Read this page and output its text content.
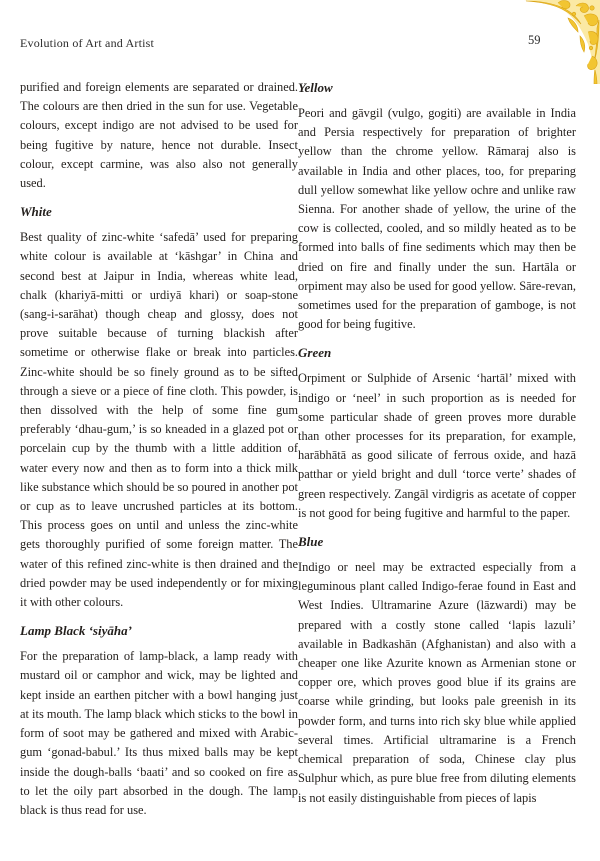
Evolution of Art and Artist	59

purified and foreign elements are separated or drained. The colours are then dried in the sun for use. Vegetable colours, except indigo are not advised to be used for being fugitive by nature, hence not durable. Insect colour, except carmine, was also also not generally used.

White

Best quality of zinc-white ‘safedā’ used for preparing white colour is available at ‘kāshgar’ in China and second best at Jaipur in India, whereas white lead, chalk (khariyā-mitti or urdiyā khari) or soap-stone (sang-i-sarāhat) though cheap and glossy, does not prove suitable because of turning blackish after sometime or otherwise flake or break into particles. Zinc-white should be so finely ground as to be sifted through a sieve or a piece of fine cloth. This powder, is then dissolved with the help of some fine gum preferably ‘dhau-gum,’ is so kneaded in a glazed pot or porcelain cup by the thumb with a little addition of water every now and then as to form into a thick milk like substance which should be so poured in another pot or cup as to leave uncrushed particles at its bottom. This process goes on until and unless the zinc-white gets thoroughly purified of some foreign matter. The water of this refined zinc-white is then drained and the dried powder may be used independently or for mixing it with other colours.

Lamp Black ‘siyāha’

For the preparation of lamp-black, a lamp ready with mustard oil or camphor and wick, may be lighted and kept inside an earthen pitcher with a bowl hanging just at its mouth. The lamp black which sticks to the bowl in form of soot may be gathered and mixed with Arabic-gum ‘gonad-babul.’ Its thus mixed balls may be kept inside the dough-balls ‘baati’ and so cooked on fire as to let the oily part absorbed in the dough. The lamp black is thus read for use.

Yellow

Peori and gāvgil (vulgo, gogiti) are available in India and Persia respectively for preparation of brighter yellow than the chrome yellow. Rāmaraj also is available in India and other places, too, for preparing dull yellow somewhat like yellow ochre and unlike raw Sienna. For another shade of yellow, the urine of the cow is collected, cooled, and so mildly heated as to be formed into balls of fine sediments which may then be dried on fire and finally under the sun. Hartāla or orpiment may also be used for good yellow. Sāre-revan, sometimes used for the preparation of gamboge, is not good for being fugitive.

Green

Orpiment or Sulphide of Arsenic ‘hartāl’ mixed with indigo or ‘neel’ in such proportion as is needed for some particular shade of green proves more durable than other processes for its preparation, for example, harābhātā as good silicate of ferrous oxide, and hazā patthar or yield bright and dull ‘torce verte’ shades of green respectively. Zangāl virdigris as acetate of copper is not good for being fugitive and harmful to the paper.

Blue

Indigo or neel may be extracted especially from a leguminous plant called Indigo-ferae found in East and West Indies. Ultramarine Azure (lāzwardi) may be prepared with a costly stone called ‘lapis lazuli’ available in Badkashān (Afghanistan) and also with a cheaper one like Azurite known as Armenian stone or copper ore, which proves good blue if its grains are coarse while grinding, but looks pale greenish in its powder form, and turns into rich sky blue while applied several times. Artificial ultramarine is a French chemical preparation of soda, Chinese clay plus Sulphur which, as pure blue free from diluting elements is not easily distinguishable from pieces of lapis
